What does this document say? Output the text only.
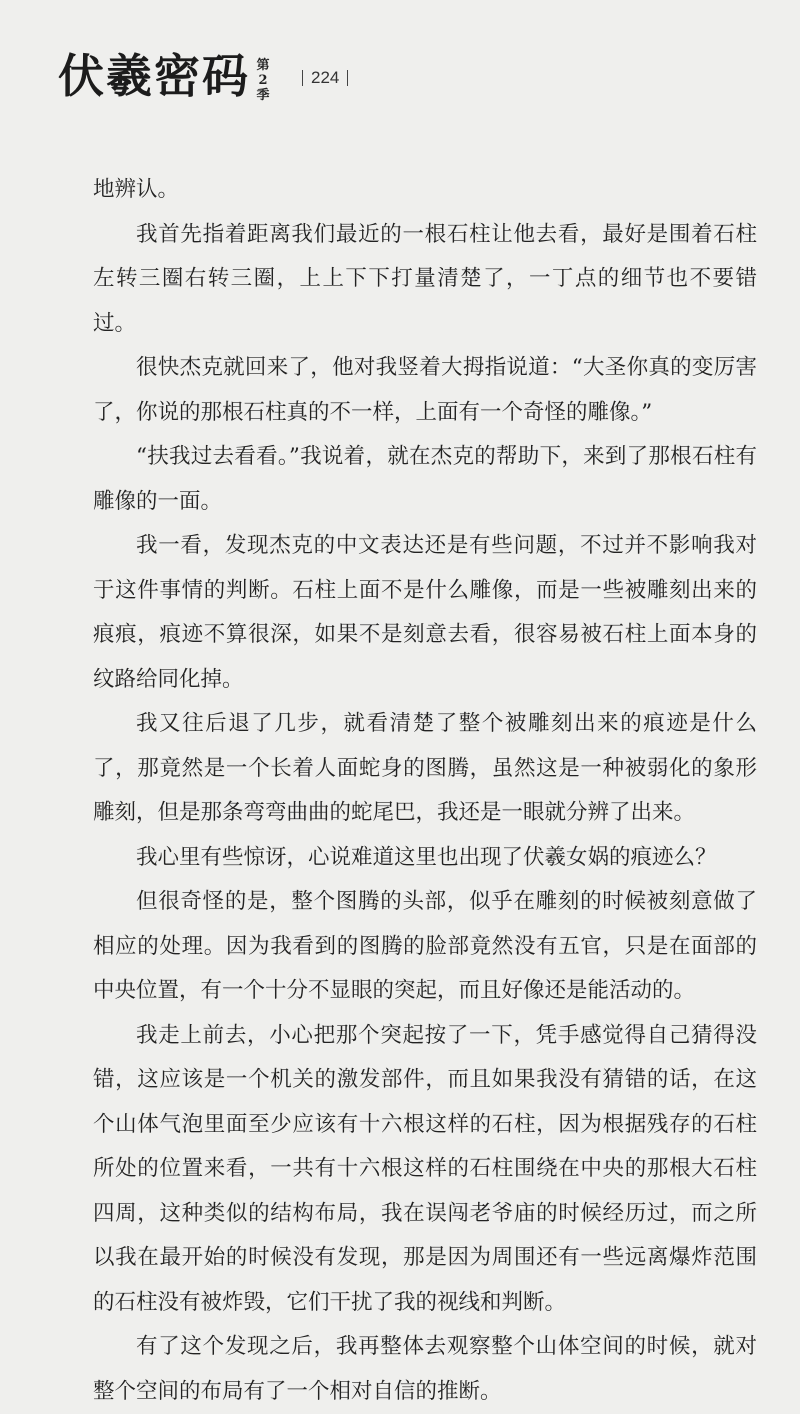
伏羲密码 第
2
季
224

地辨认。

我首先指着距离我们最近的一根石柱让他去看，最好是围着石柱左转三圈右转三圈，上上下下打量清楚了，一丁点的细节也不要错过。

很快杰克就回来了，他对我竖着大拇指说道：“大圣你真的变厉害了，你说的那根石柱真的不一样，上面有一个奇怪的雕像。”

“扶我过去看看。”我说着，就在杰克的帮助下，来到了那根石柱有雕像的一面。

我一看，发现杰克的中文表达还是有些问题，不过并不影响我对于这件事情的判断。石柱上面不是什么雕像，而是一些被雕刻出来的痕痕，痕迹不算很深，如果不是刻意去看，很容易被石柱上面本身的纹路给同化掉。

我又往后退了几步，就看清楚了整个被雕刻出来的痕迹是什么了，那竟然是一个长着人面蛇身的图腾，虽然这是一种被弱化的象形雕刻，但是那条弯弯曲曲的蛇尾巴，我还是一眼就分辨了出来。

我心里有些惊讶，心说难道这里也出现了伏羲女娲的痕迹么？

但很奇怪的是，整个图腾的头部，似乎在雕刻的时候被刻意做了相应的处理。因为我看到的图腾的脸部竟然没有五官，只是在面部的中央位置，有一个十分不显眼的突起，而且好像还是能活动的。

我走上前去，小心把那个突起按了一下，凭手感觉得自己猜得没错，这应该是一个机关的激发部件，而且如果我没有猜错的话，在这个山体气泡里面至少应该有十六根这样的石柱，因为根据残存的石柱所处的位置来看，一共有十六根这样的石柱围绕在中央的那根大石柱四周，这种类似的结构布局，我在误闯老爷庙的时候经历过，而之所以我在最开始的时候没有发现，那是因为周围还有一些远离爆炸范围的石柱没有被炸毁，它们干扰了我的视线和判断。

有了这个发现之后，我再整体去观察整个山体空间的时候，就对整个空间的布局有了一个相对自信的推断。
